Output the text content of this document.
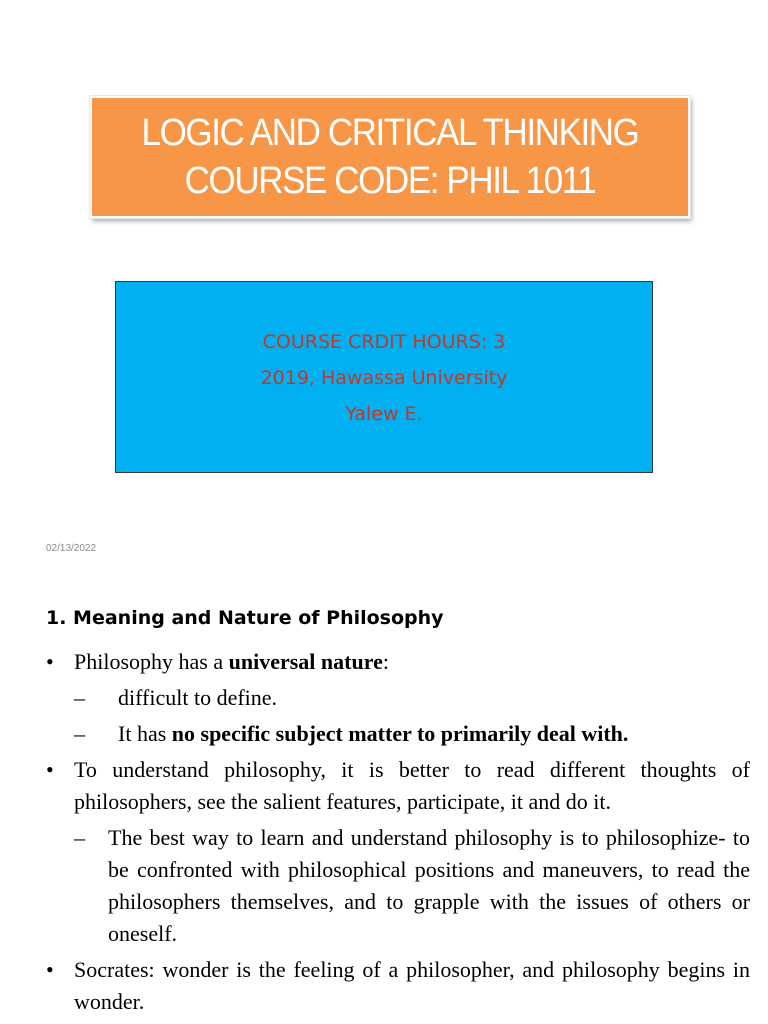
LOGIC AND CRITICAL THINKING
COURSE CODE: PHIL 1011
COURSE CRDIT HOURS: 3
2019, Hawassa University
Yalew E.
02/13/2022
1. Meaning and Nature of Philosophy
• Philosophy has a universal nature:
–	difficult to define.
–	It has no specific subject matter to primarily deal with.
• To understand philosophy, it is better to read different thoughts of philosophers, see the salient features, participate, it and do it.
–	The best way to learn and understand philosophy is to philosophize- to be confronted with philosophical positions and maneuvers, to read the philosophers themselves, and to grapple with the issues of others or oneself.
• Socrates: wonder is the feeling of a philosopher, and philosophy begins in wonder.
